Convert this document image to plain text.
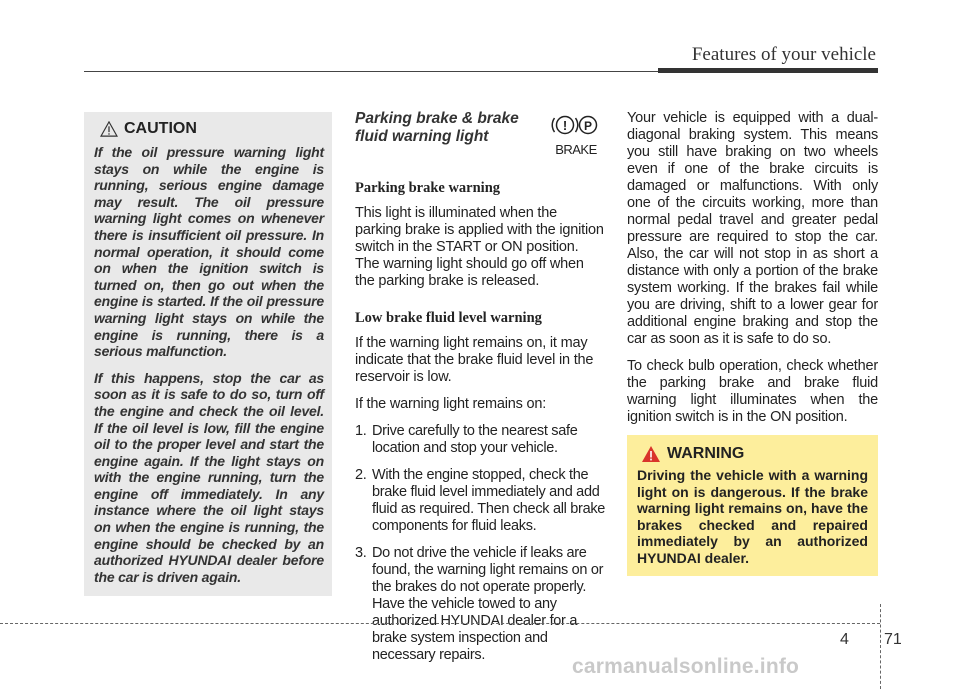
Features of your vehicle
CAUTION

If the oil pressure warning light stays on while the engine is running, serious engine damage may result. The oil pressure warning light comes on whenever there is insufficient oil pressure. In normal operation, it should come on when the ignition switch is turned on, then go out when the engine is started. If the oil pressure warning light stays on while the engine is running, there is a serious malfunction.

If this happens, stop the car as soon as it is safe to do so, turn off the engine and check the oil level. If the oil level is low, fill the engine oil to the proper level and start the engine again. If the light stays on with the engine running, turn the engine off immediately. In any instance where the oil light stays on when the engine is running, the engine should be checked by an authorized HYUNDAI dealer before the car is driven again.

! P
BRAKE

Parking brake & brake fluid warning light

Parking brake warning

This light is illuminated when the parking brake is applied with the ignition switch in the START or ON position. The warning light should go off when the parking brake is released.

Low brake fluid level warning

If the warning light remains on, it may indicate that the brake fluid level in the reservoir is low.

If the warning light remains on:

1. Drive carefully to the nearest safe location and stop your vehicle.
2. With the engine stopped, check the brake fluid level immediately and add fluid as required. Then check all brake components for fluid leaks.
3. Do not drive the vehicle if leaks are found, the warning light remains on or the brakes do not operate properly. Have the vehicle towed to any authorized HYUNDAI dealer for a brake system inspection and necessary repairs.

Your vehicle is equipped with a dual-diagonal braking system. This means you still have braking on two wheels even if one of the brake circuits is damaged or malfunctions. With only one of the circuits working, more than normal pedal travel and greater pedal pressure are required to stop the car. Also, the car will not stop in as short a distance with only a portion of the brake system working. If the brakes fail while you are driving, shift to a lower gear for additional engine braking and stop the car as soon as it is safe to do so.

To check bulb operation, check whether the parking brake and brake fluid warning light illuminates when the ignition switch is in the ON position.

WARNING

Driving the vehicle with a warning light on is dangerous. If the brake warning light remains on, have the brakes checked and repaired immediately by an authorized HYUNDAI dealer.

4 71
carmanualsonline.info
